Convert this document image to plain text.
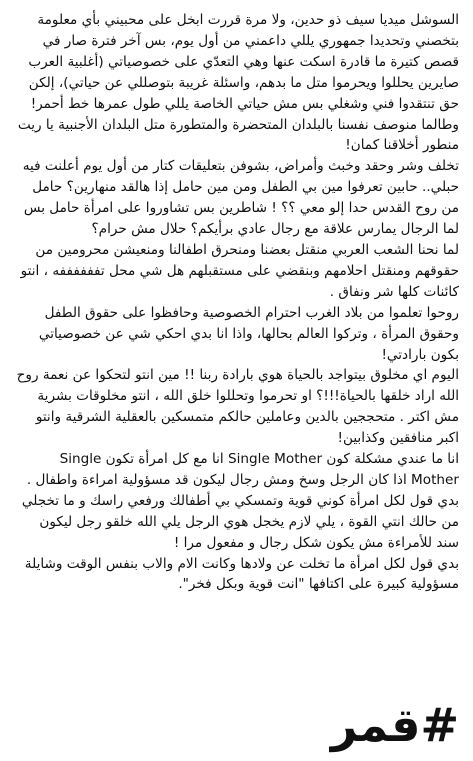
السوشل ميديا سيف ذو حدين، ولا مرة قررت ابخل على محبيني بأي معلومة بتخصني وتحديدا جمهوري يللي داعمني من أول يوم، بس آخر فترة صار في قصص كتيرة ما قادرة اسكت عنها وهي التعدّي على خصوصياتي (أغلبية العرب صايرين يحللوا ويحرموا متل ما بدهم، واسئلة غريبة بتوصللي عن حياتي)، إلكن حق تنتقدوا فني وشغلي بس مش حياتي الخاصة يللي طول عمرها خط أحمر! وطالما منوصف نفسنا بالبلدان المتحضرة والمتطورة متل البلدان الأجنبية يا ريت منطور أخلاقنا كمان!

تخلف وشر وحقد وخبث وأمراض، بشوفن بتعليقات كتار من أول يوم أعلنت فيه حبلي.. حابين تعرفوا مين بي الطفل ومن مين حامل إذا هالقد منهارين؟ حامل من روح القدس حدا إلو معي ؟؟ ! شاطرين بس تشاوروا على امرأة حامل بس لما الرجال يمارس علاقة مع رجال عادي برأيكم؟ حلال مش حرام؟

لما نحنا الشعب العربي منقتل بعضنا ومنحرق اطفالنا ومنعيشن محرومين من حقوقهم ومنقتل احلامهم وبنقضي على مستقبلهم هل شي محل تففففففه ، انتو كائنات كلها شر ونفاق .

روحوا تعلموا من بلاد الغرب احترام الخصوصية وحافظوا على حقوق الطفل وحقوق المرأة ، وتركوا العالم بحالها، واذا انا بدي احكي شي عن خصوصياتي بكون بارادتي!

اليوم اي مخلوق بيتواجد بالحياة هوي بارادة ربنا !! مين انتو لتحكوا عن نعمة روح الله اراد خلقها بالحياة!!!؟ او تحرموا وتحللوا خلق الله ، انتو مخلوقات بشرية مش اكتر . متحججين بالدين وعاملين حالكم متمسكين بالعقلية الشرقية وانتو اكبر منافقين وكذابين!

انا ما عندي مشكلة كون Single Mother انا مع كل امرأة تكون Single Mother اذا كان الرجل وسخ ومش رجال ليكون قد مسؤولية امراءة واطفال . بدي قول لكل امرأة كوني قوية وتمسكي بي أطفالك ورفعي راسك و ما تخجلي من حالك انتي القوة ، يلي لازم يخجل هوي الرجل يلي الله خلقو رجل ليكون سند للأمراءة مش يكون شكل رجال و مفعول مرا !

بدي قول لكل امرأة ما تخلت عن ولادها وكانت الام والاب بنفس الوقت وشايلة مسؤولية كبيرة على اكتافها "انت قوية وبكل فخر".

#قمر
